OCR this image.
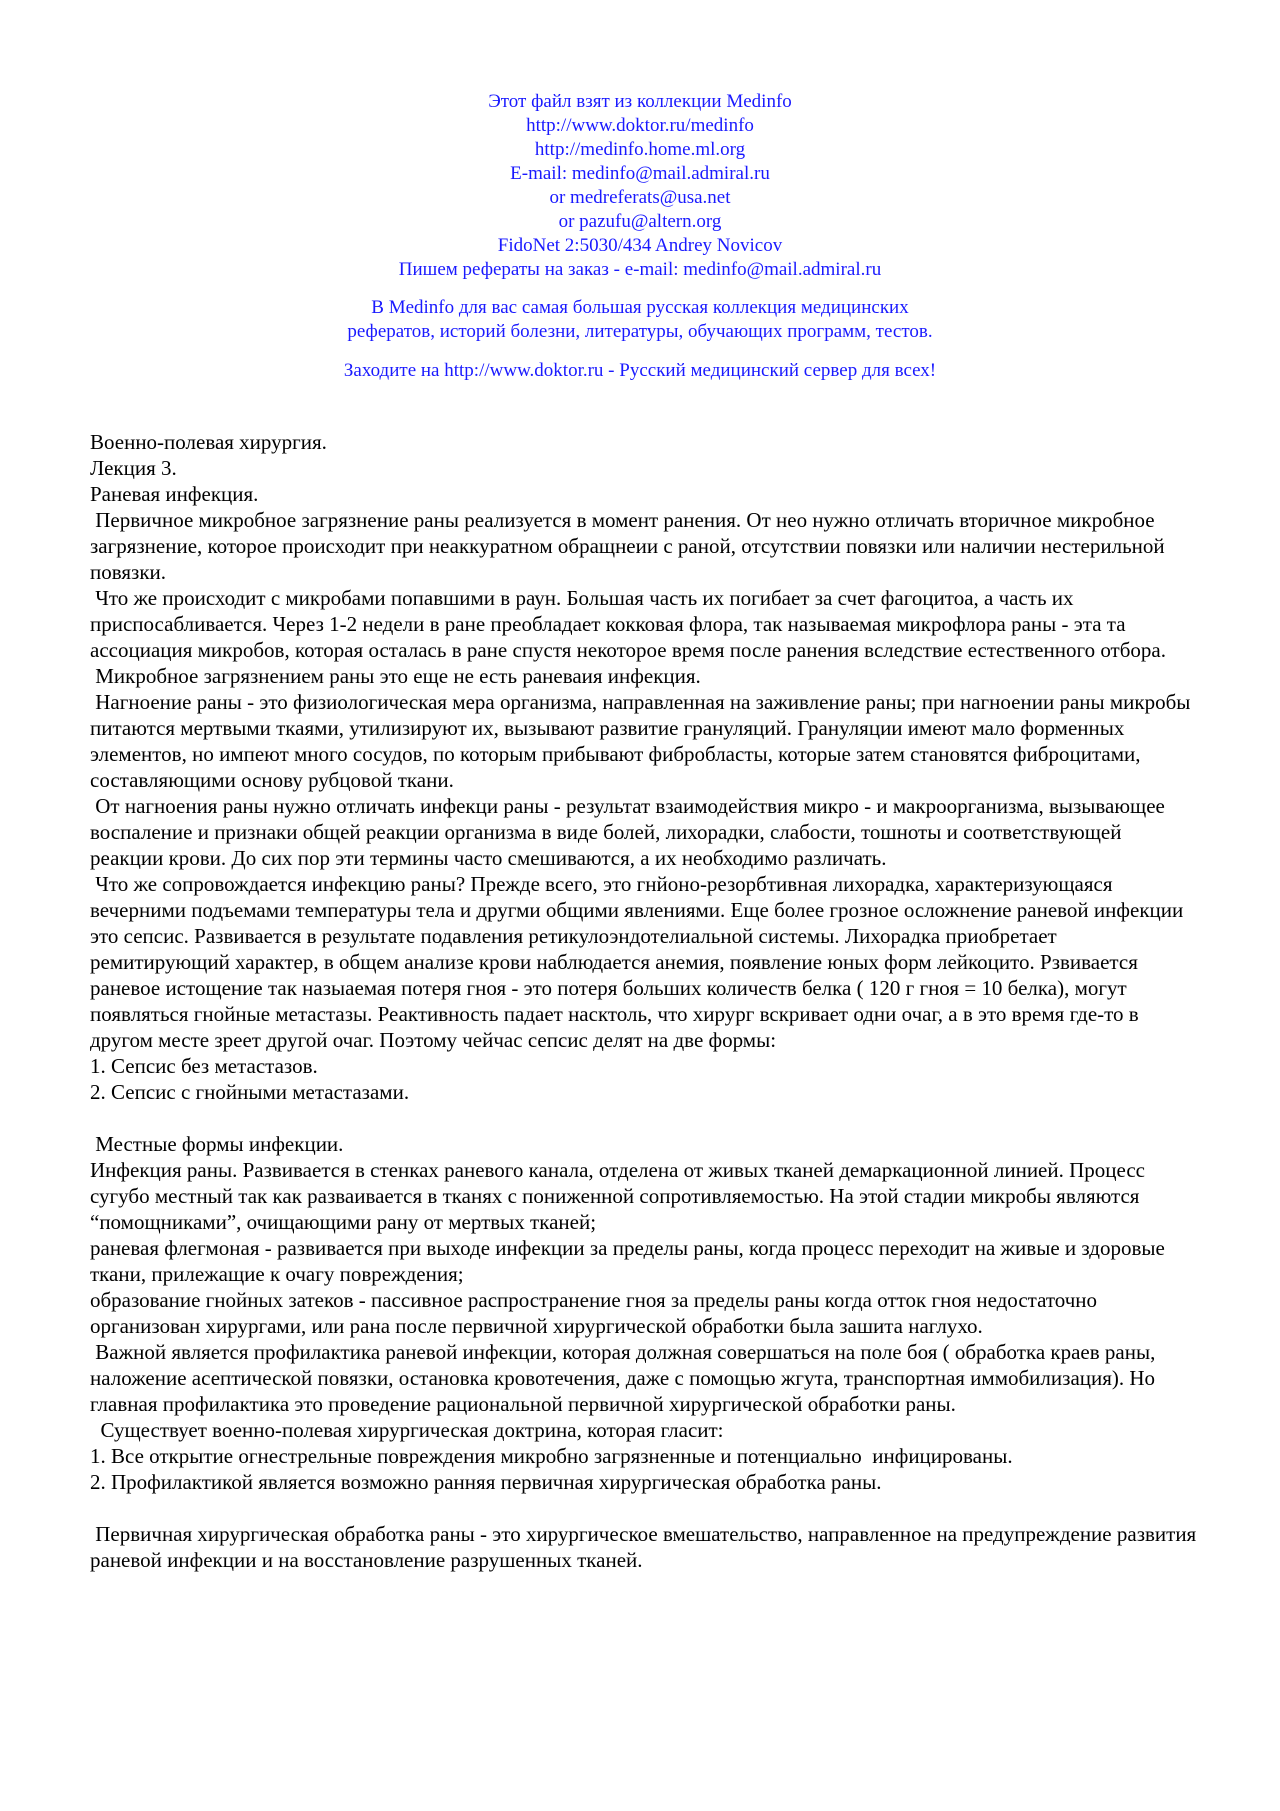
Этот файл взят из коллекции Medinfo
http://www.doktor.ru/medinfo
http://medinfo.home.ml.org
E-mail: medinfo@mail.admiral.ru
or medreferats@usa.net
or pazufu@altern.org
FidoNet 2:5030/434 Andrey Novicov
Пишем рефераты на заказ - e-mail: medinfo@mail.admiral.ru
В Medinfo для вас самая большая русская коллекция медицинских
рефератов, историй болезни, литературы, обучающих программ, тестов.
Заходите на http://www.doktor.ru - Русский медицинский сервер для всех!

Военно-полевая хирургия.

Лекция 3.

Раневая инфекция.

Первичное микробное загрязнение раны реализуется в момент ранения. От нео нужно отличать вторичное микробное загрязнение, которое происходит при неаккуратном обращнеии с раной, отсутствии повязки или наличии нестерильной повязки.

Что же происходит с микробами попавшими в раун. Большая часть их погибает за счет фагоцитоа, а часть их приспосабливается. Через 1-2 недели в ране преобладает кокковая флора, так называемая микрофлора раны - эта та ассоциация микробов, которая осталась в ране спустя некоторое время после ранения вследствие естественного отбора.

Микробное загрязнением раны это еще не есть раневаия инфекция.

Нагноение раны - это физиологическая мера организма, направленная на заживление раны; при нагноении раны микробы питаются мертвыми ткаями, утилизируют их, вызывают развитие грануляций. Грануляции имеют мало форменных элементов, но импеют много сосудов, по которым прибывают фибробласты, которые затем становятся фиброцитами, составляющими основу рубцовой ткани.

От нагноения раны нужно отличать инфекци раны - результат взаимодействия микро - и макроорганизма, вызывающее воспаление и признаки общей реакции организма в виде болей, лихорадки, слабости, тошноты и соответствующей реакции крови. До сих пор эти термины часто смешиваются, а их необходимо различать.

Что же сопровождается инфекцию раны? Прежде всего, это гнйоно-резорбтивная лихорадка, характеризующаяся вечерними подъемами температуры тела и другми общими явлениями. Еще более грозное осложнение раневой инфекции это сепсис. Развивается в результате подавления ретикулоэндотелиальной системы. Лихорадка приобретает ремитирующий характер, в общем анализе крови наблюдается анемия, появление юных форм лейкоцито. Рзвивается раневое истощение так назыаемая потеря гноя - это потеря больших количеств белка ( 120 г гноя = 10 белка), могут появляться гнойные метастазы. Реактивность падает насктоль, что хирург вскривает одни очаг, а в это время где-то в другом месте зреет другой очаг. Поэтому чейчас сепсис делят на две формы:

1. Сепсис без метастазов.

2. Сепсис с гнойными метастазами.

Местные формы инфекции.

Инфекция раны. Развивается в стенках раневого канала, отделена от живых тканей демаркационной линией. Процесс сугубо местный так как разваивается в тканях с пониженной сопротивляемостью. На этой стадии микробы являются “помощниками”, очищающими рану от мертвых тканей;

раневая флегмоная - развивается при выходе инфекции за пределы раны, когда процесс переходит на живые и здоровые ткани, прилежащие к очагу повреждения;

образование гнойных затеков - пассивное распространение гноя за пределы раны когда отток гноя недостаточно организован хирургами, или рана после первичной хирургической обработки была зашита наглухо.

Важной является профилактика раневой инфекции, которая должная совершаться на поле боя ( обработка краев раны, наложение асептической повязки, остановка кровотечения, даже с помощью жгута, транспортная иммобилизация). Но главная профилактика это проведение рациональной первичной хирургической обработки раны.

Существует военно-полевая хирургическая доктрина, которая гласит:

1. Все открытие огнестрельные повреждения микробно загрязненные и потенциально  инфицированы.

2. Профилактикой является возможно ранняя первичная хирургическая обработка раны.

Первичная хирургическая обработка раны - это хирургическое вмешательство, направленное на предупреждение развития раневой инфекции и на восстановление разрушенных тканей.
